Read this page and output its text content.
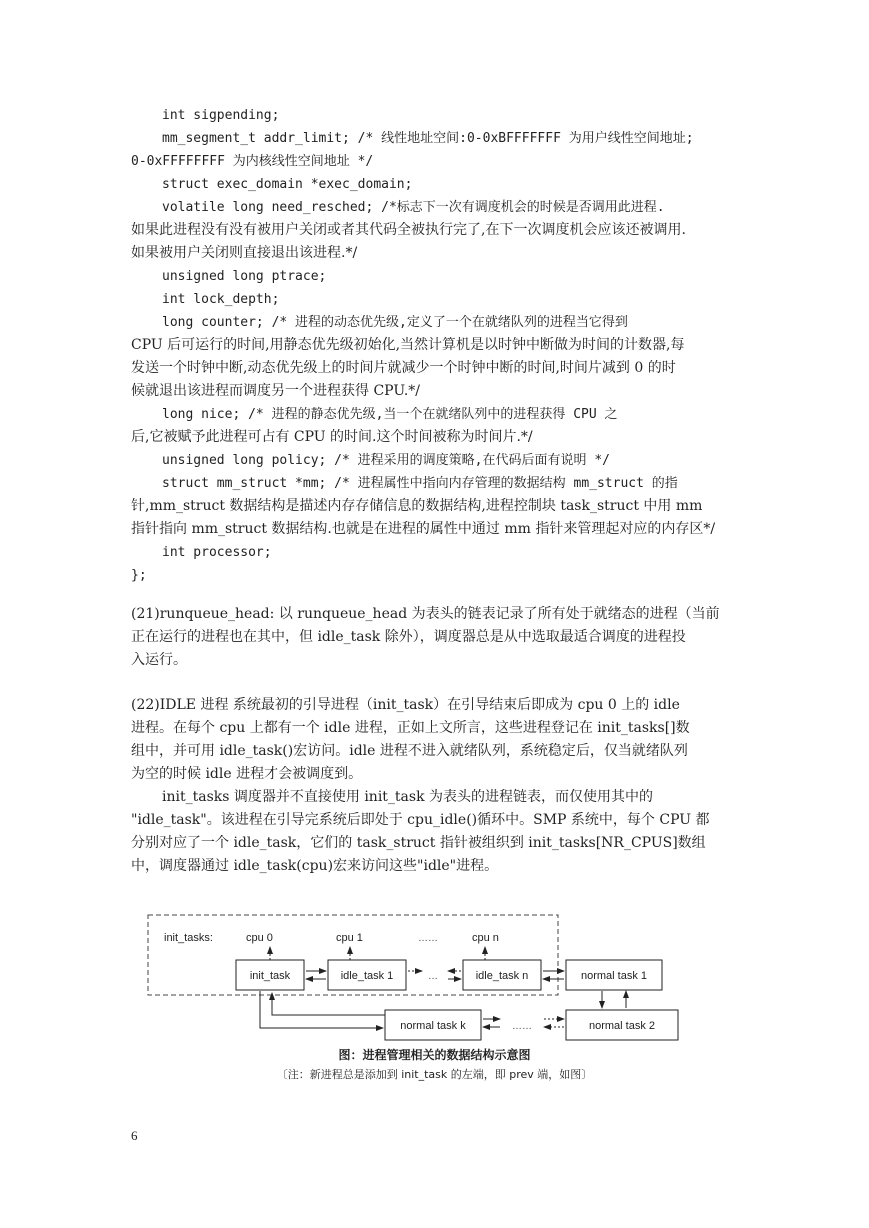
int sigpending;
mm_segment_t addr_limit; /* 线性地址空间:0-0xBFFFFFFF 为用户线性空间地址;
0-0xFFFFFFFF 为内核线性空间地址 */
struct exec_domain *exec_domain;
volatile long need_resched; /*标志下一次有调度机会的时候是否调用此进程.
如果此进程没有没有被用户关闭或者其代码全被执行完了,在下一次调度机会应该还被调用.
如果被用户关闭则直接退出该进程.*/
unsigned long ptrace;
int lock_depth;
long counter; /* 进程的动态优先级,定义了一个在就绪队列的进程当它得到
CPU 后可运行的时间,用静态优先级初始化,当然计算机是以时钟中断做为时间的计数器,每
发送一个时钟中断,动态优先级上的时间片就减少一个时钟中断的时间,时间片减到 0 的时
候就退出该进程而调度另一个进程获得 CPU.*/
long nice; /* 进程的静态优先级,当一个在就绪队列中的进程获得 CPU 之
后,它被赋予此进程可占有 CPU 的时间.这个时间被称为时间片.*/
unsigned long policy; /* 进程采用的调度策略,在代码后面有说明 */
struct mm_struct *mm; /* 进程属性中指向内存管理的数据结构 mm_struct 的指
针,mm_struct 数据结构是描述内存存储信息的数据结构,进程控制块 task_struct 中用 mm
指针指向 mm_struct 数据结构.也就是在进程的属性中通过 mm 指针来管理起对应的内存区*/
int processor;
};
(21)runqueue_head: 以 runqueue_head 为表头的链表记录了所有处于就绪态的进程（当前
正在运行的进程也在其中，但 idle_task 除外），调度器总是从中选取最适合调度的进程投
入运行。
(22)IDLE 进程 系统最初的引导进程（init_task）在引导结束后即成为 cpu 0 上的 idle
进程。在每个 cpu 上都有一个 idle 进程，正如上文所言，这些进程登记在 init_tasks[]数
组中，并可用 idle_task()宏访问。idle 进程不进入就绪队列，系统稳定后，仅当就绪队列
为空的时候 idle 进程才会被调度到。
init_tasks 调度器并不直接使用 init_task 为表头的进程链表，而仅使用其中的
"idle_task"。该进程在引导完系统后即处于 cpu_idle()循环中。SMP 系统中，每个 CPU 都
分别对应了一个 idle_task，它们的 task_struct 指针被组织到 init_tasks[NR_CPUS]数组
中，调度器通过 idle_task(cpu)宏来访问这些"idle"进程。
init_tasks:	cpu 0	cpu 1	……	cpu n
init_task	idle_task 1	…	idle_task n	normal task 1
normal task k	……	normal task 2
图：进程管理相关的数据结构示意图
〔注：新进程总是添加到 init_task 的左端，即 prev 端，如图〕
6
